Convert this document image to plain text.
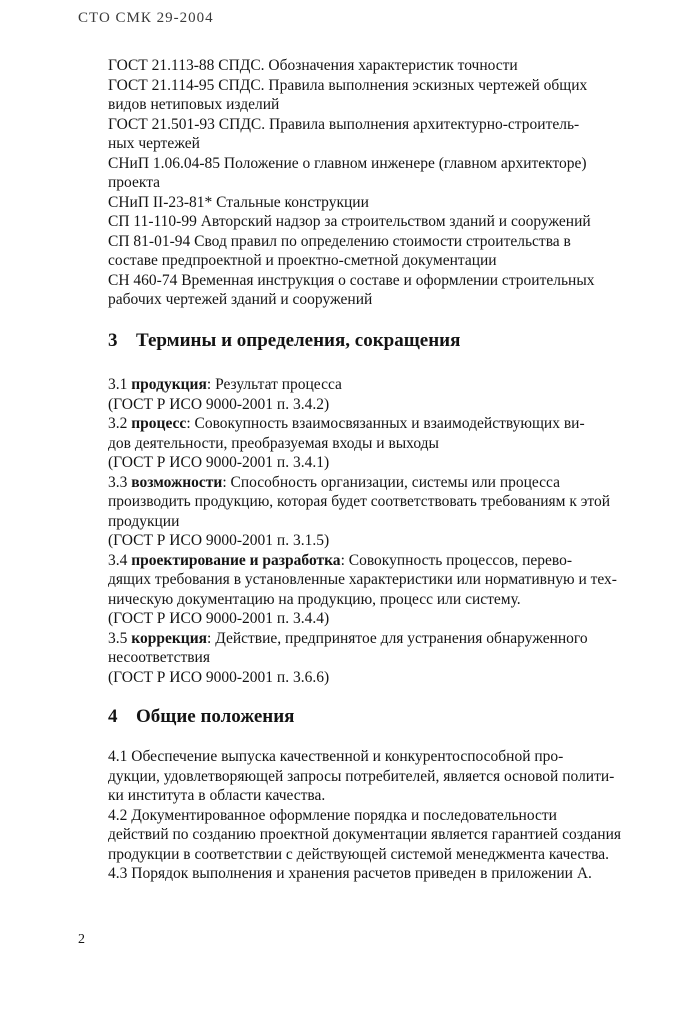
СТО СМК 29-2004

ГОСТ 21.113-88 СПДС. Обозначения характеристик точности

ГОСТ 21.114-95 СПДС. Правила выполнения эскизных чертежей общих

видов нетиповых изделий

ГОСТ 21.501-93 СПДС. Правила выполнения архитектурно-строитель-

ных чертежей

СНиП 1.06.04-85 Положение о главном инженере (главном архитекторе)

проекта

СНиП II-23-81* Стальные конструкции

СП 11-110-99 Авторский надзор за строительством зданий и сооружений

СП 81-01-94 Свод правил по определению стоимости строительства в

составе предпроектной и проектно-сметной документации

СН 460-74 Временная инструкция о составе и оформлении строительных

рабочих чертежей зданий и сооружений

3 Термины и определения, сокращения

3.1 продукция: Результат процесса

(ГОСТ Р ИСО 9000-2001 п. 3.4.2)

3.2 процесс: Совокупность взаимосвязанных и взаимодействующих ви-

дов деятельности, преобразуемая входы и выходы

(ГОСТ Р ИСО 9000-2001 п. 3.4.1)

3.3 возможности: Способность организации, системы или процесса

производить продукцию, которая будет соответствовать требованиям к этой

продукции

(ГОСТ Р ИСО 9000-2001 п. 3.1.5)

3.4 проектирование и разработка: Совокупность процессов, перево-

дящих требования в установленные характеристики или нормативную и тех-

ническую документацию на продукцию, процесс или систему.

(ГОСТ Р ИСО 9000-2001 п. 3.4.4)

3.5 коррекция: Действие, предпринятое для устранения обнаруженного

несоответствия

(ГОСТ Р ИСО 9000-2001 п. 3.6.6)

4 Общие положения

4.1 Обеспечение выпуска качественной и конкурентоспособной про-

дукции, удовлетворяющей запросы потребителей, является основой полити-

ки института в области качества.

4.2 Документированное оформление порядка и последовательности

действий по созданию проектной документации является гарантией создания

продукции в соответствии с действующей системой менеджмента качества.

4.3 Порядок выполнения и хранения расчетов приведен в приложении А.

2
